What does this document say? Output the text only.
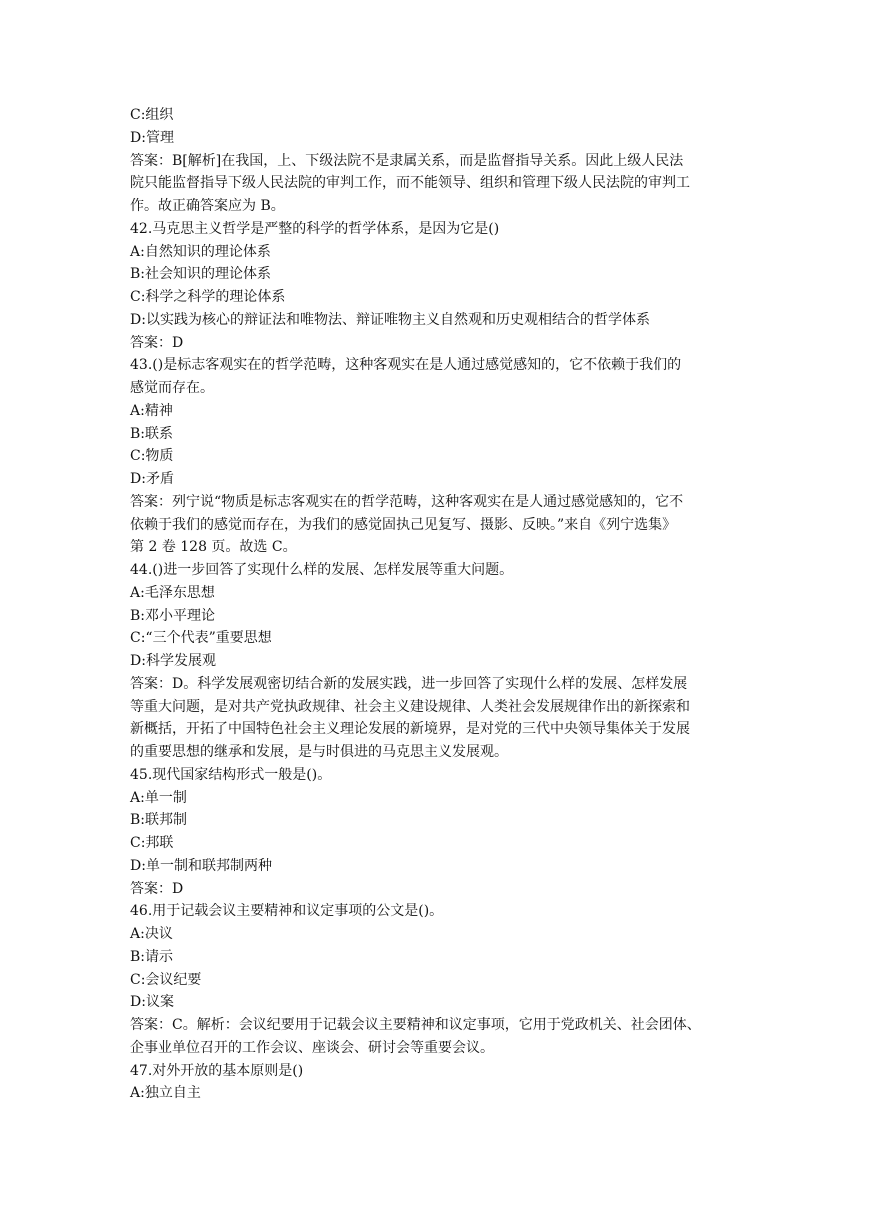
C:组织
D:管理
答案：B[解析]在我国，上、下级法院不是隶属关系，而是监督指导关系。因此上级人民法
院只能监督指导下级人民法院的审判工作，而不能领导、组织和管理下级人民法院的审判工
作。故正确答案应为 B。
42.马克思主义哲学是严整的科学的哲学体系，是因为它是()
A:自然知识的理论体系
B:社会知识的理论体系
C:科学之科学的理论体系
D:以实践为核心的辩证法和唯物法、辩证唯物主义自然观和历史观相结合的哲学体系
答案：D
43.()是标志客观实在的哲学范畴，这种客观实在是人通过感觉感知的，它不依赖于我们的
感觉而存在。
A:精神
B:联系
C:物质
D:矛盾
答案：列宁说“物质是标志客观实在的哲学范畴，这种客观实在是人通过感觉感知的，它不
依赖于我们的感觉而存在，为我们的感觉固执己见复写、摄影、反映。”来自《列宁选集》
第 2 卷 128 页。故选 C。
44.()进一步回答了实现什么样的发展、怎样发展等重大问题。
A:毛泽东思想
B:邓小平理论
C:“三个代表”重要思想
D:科学发展观
答案：D。科学发展观密切结合新的发展实践，进一步回答了实现什么样的发展、怎样发展
等重大问题，是对共产党执政规律、社会主义建设规律、人类社会发展规律作出的新探索和
新概括，开拓了中国特色社会主义理论发展的新境界，是对党的三代中央领导集体关于发展
的重要思想的继承和发展，是与时俱进的马克思主义发展观。
45.现代国家结构形式一般是()。
A:单一制
B:联邦制
C:邦联
D:单一制和联邦制两种
答案：D
46.用于记载会议主要精神和议定事项的公文是()。
A:决议
B:请示
C:会议纪要
D:议案
答案：C。解析：会议纪要用于记载会议主要精神和议定事项，它用于党政机关、社会团体、
企事业单位召开的工作会议、座谈会、研讨会等重要会议。
47.对外开放的基本原则是()
A:独立自主
